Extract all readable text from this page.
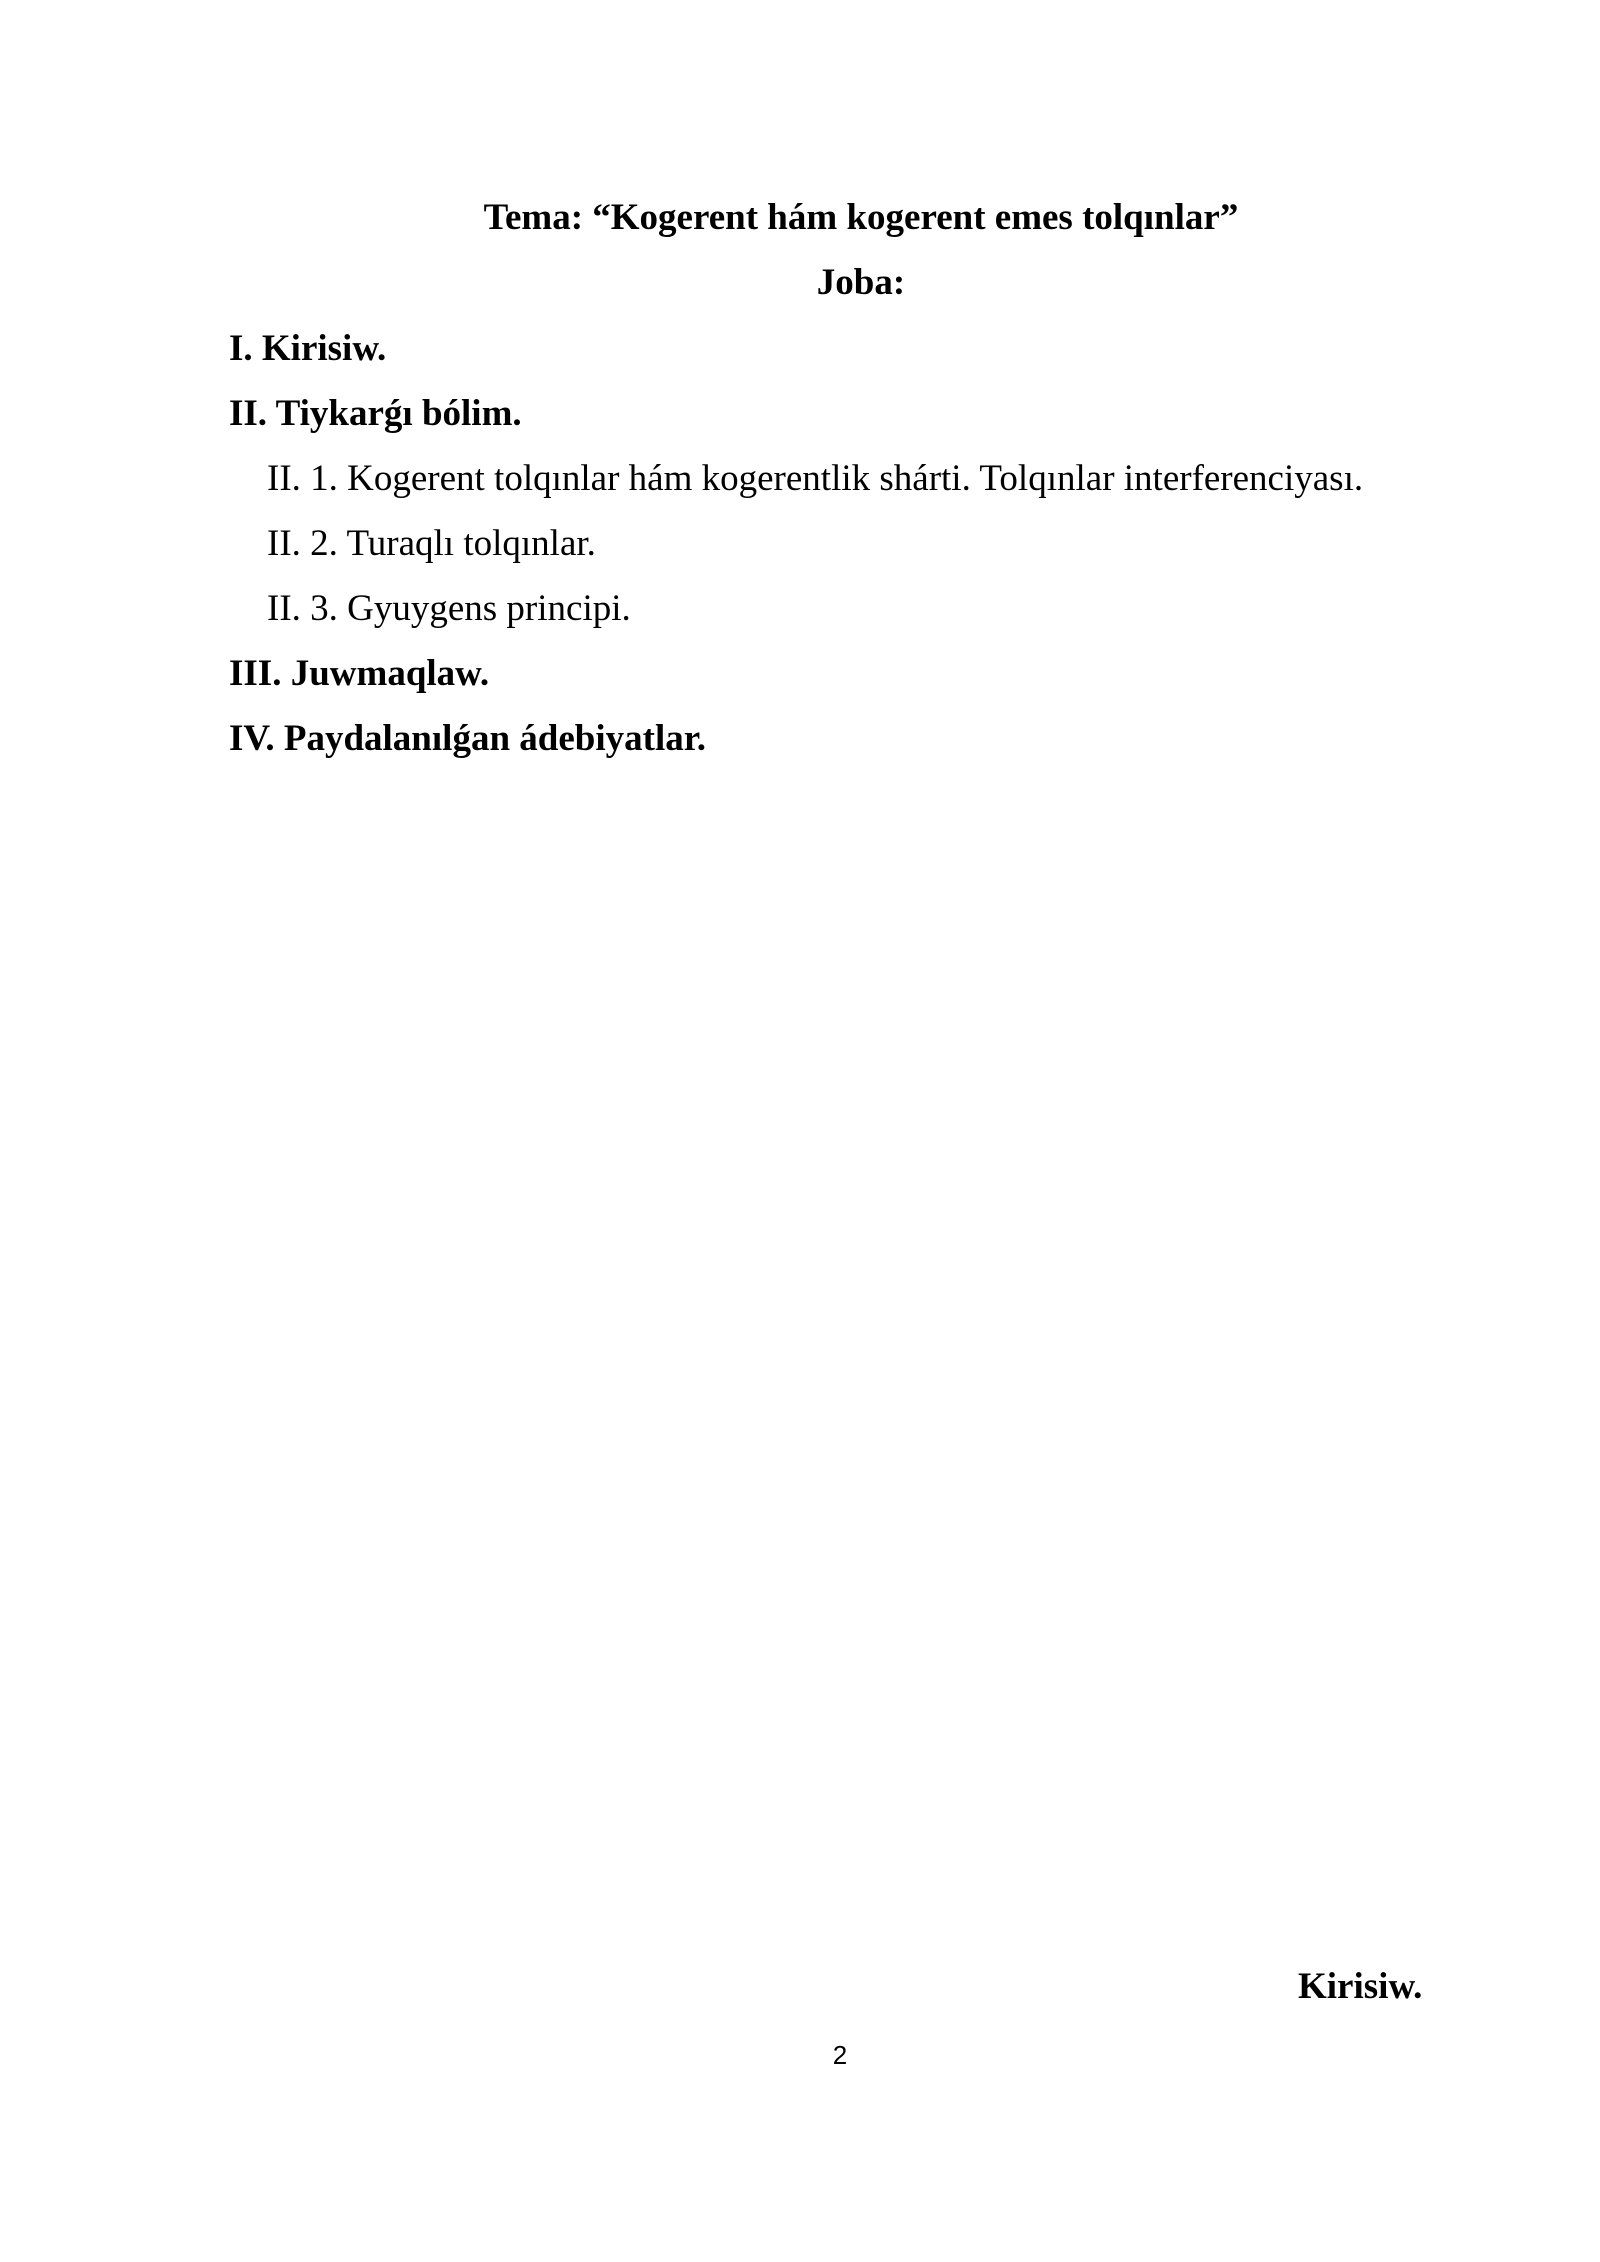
Tema: “Kogerent hám kogerent emes tolqınlar”
Joba:
I. Kirisiw.
II. Tiykarǵı bólim.
II. 1. Kogerent tolqınlar hám kogerentlik shárti. Tolqınlar interferenciyası.
II. 2. Turaqlı tolqınlar.
II. 3. Gyuygens principi.
III. Juwmaqlaw.
IV. Paydalanılǵan ádebiyatlar.
Kirisiw.
2
